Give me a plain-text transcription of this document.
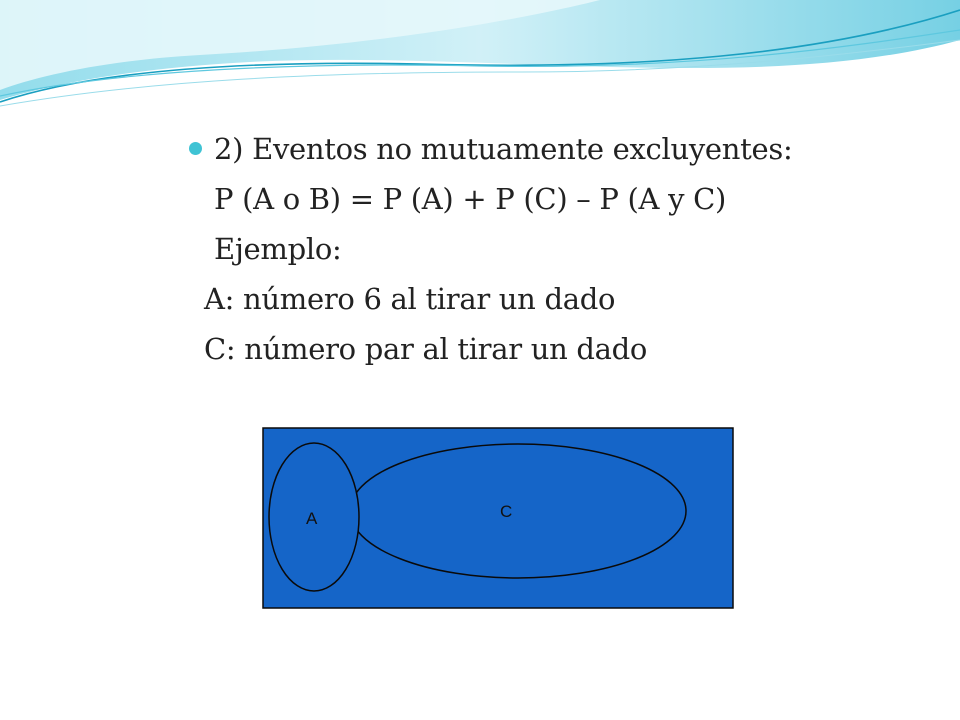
2) Eventos no mutuamente excluyentes:
P (A o B) = P (A) + P (C) – P (A y C)
Ejemplo:
A: número 6 al tirar un dado
C: número par al tirar un dado
A	C
